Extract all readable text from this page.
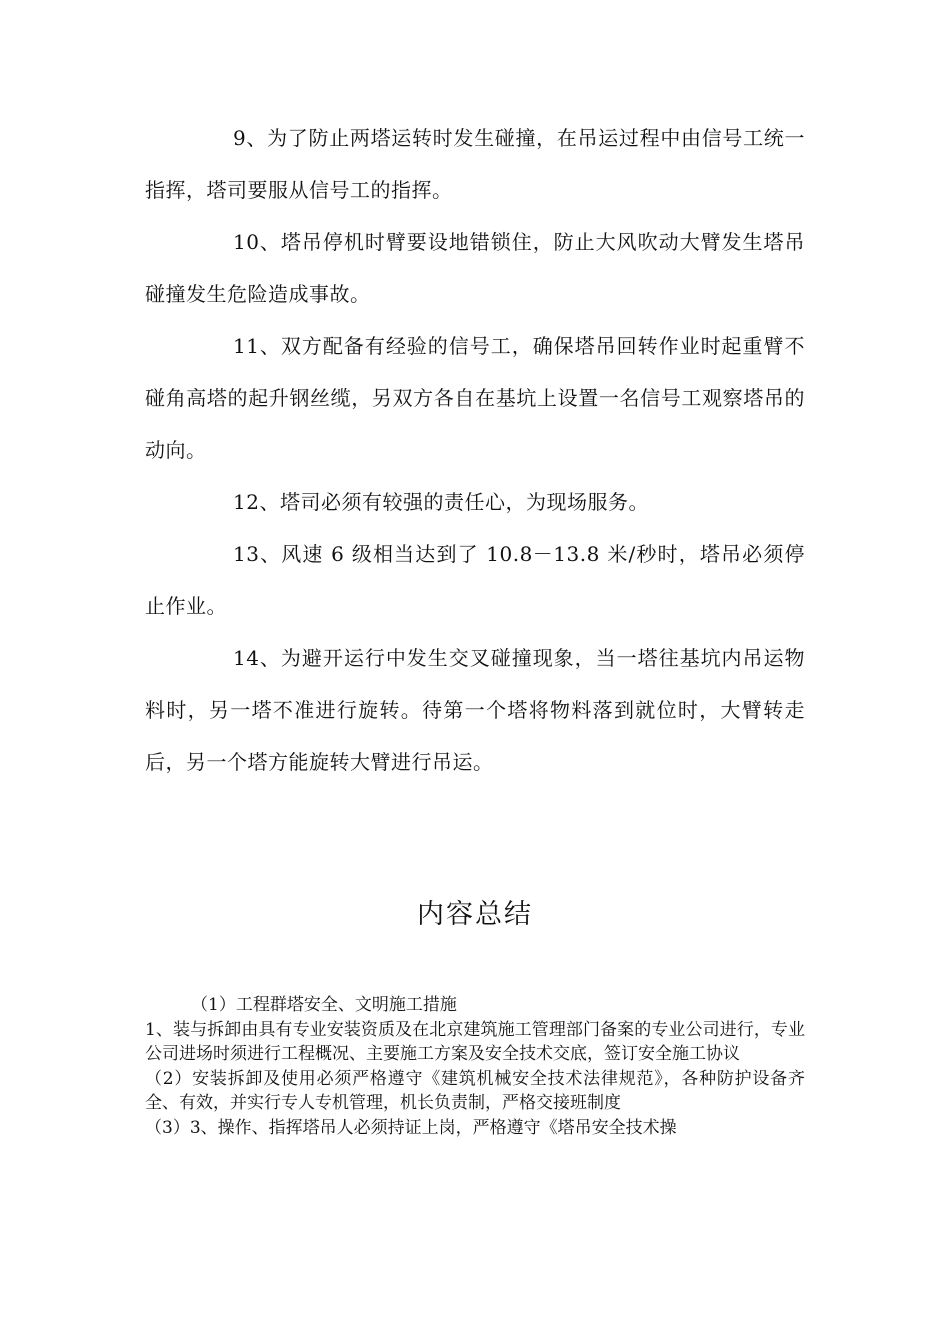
9、为了防止两塔运转时发生碰撞，在吊运过程中由信号工统一指挥，塔司要服从信号工的指挥。

10、塔吊停机时臂要设地错锁住，防止大风吹动大臂发生塔吊碰撞发生危险造成事故。

11、双方配备有经验的信号工，确保塔吊回转作业时起重臂不碰角高塔的起升钢丝缆，另双方各自在基坑上设置一名信号工观察塔吊的动向。

12、塔司必须有较强的责任心，为现场服务。

13、风速 6 级相当达到了 10.8－13.8 米/秒时，塔吊必须停止作业。

14、为避开运行中发生交叉碰撞现象，当一塔往基坑内吊运物料时，另一塔不准进行旋转。待第一个塔将物料落到就位时，大臂转走后，另一个塔方能旋转大臂进行吊运。

内容总结

（1）工程群塔安全、文明施工措施

1、装与拆卸由具有专业安装资质及在北京建筑施工管理部门备案的专业公司进行，专业公司进场时须进行工程概况、主要施工方案及安全技术交底，签订安全施工协议

（2）安装拆卸及使用必须严格遵守《建筑机械安全技术法律规范》，各种防护设备齐全、有效，并实行专人专机管理，机长负责制，严格交接班制度

（3）3、操作、指挥塔吊人必须持证上岗，严格遵守《塔吊安全技术操
